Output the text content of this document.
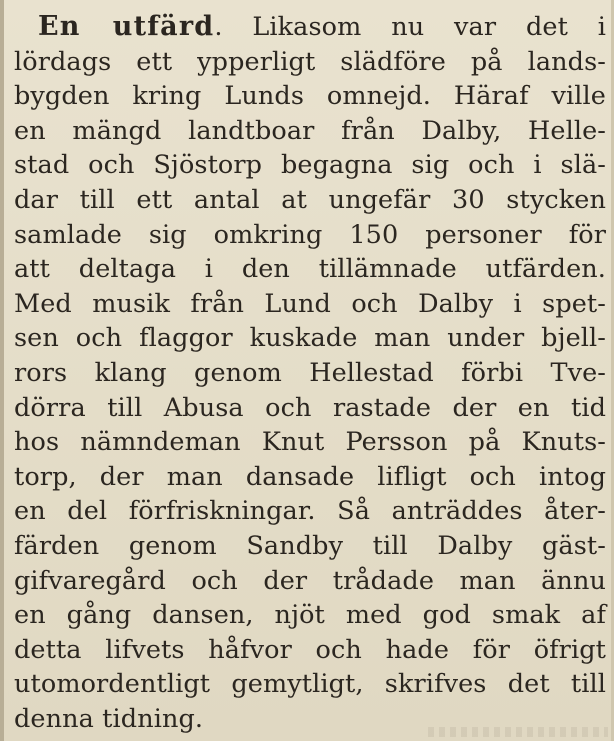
En utfärd. Likasom nu var det i
lördags ett ypperligt slädföre på lands-
bygden kring Lunds omnejd. Häraf ville
en mängd landtboar från Dalby, Helle-
stad och Sjöstorp begagna sig och i slä-
dar till ett antal at ungefär 30 stycken
samlade sig omkring 150 personer för
att deltaga i den tillämnade utfärden.
Med musik från Lund och Dalby i spet-
sen och flaggor kuskade man under bjell-
rors klang genom Hellestad förbi Tve-
dörra till Abusa och rastade der en tid
hos nämndeman Knut Persson på Knuts-
torp, der man dansade lifligt och intog
en del förfriskningar. Så anträddes åter-
färden genom Sandby till Dalby gäst-
gifvaregård och der trådade man ännu
en gång dansen, njöt med god smak af
detta lifvets håfvor och hade för öfrigt
utomordentligt gemytligt, skrifves det till
denna tidning.
